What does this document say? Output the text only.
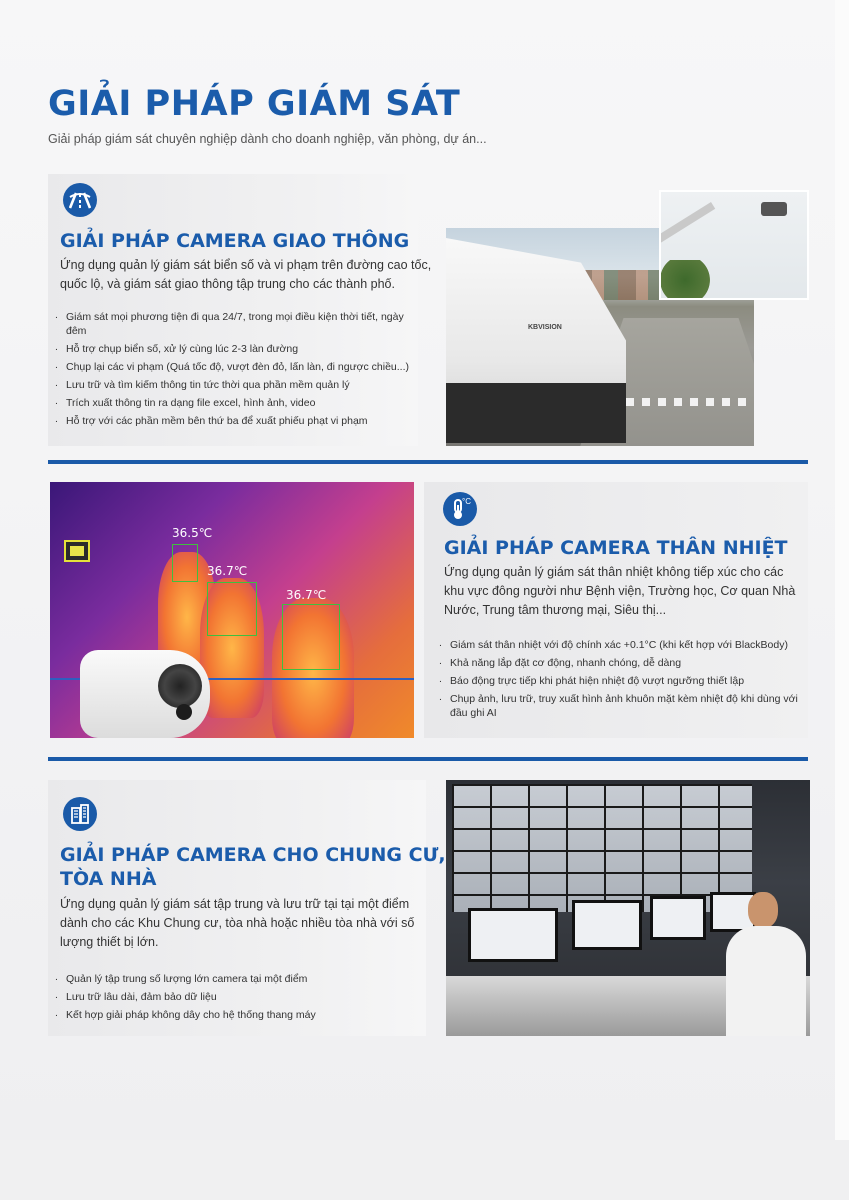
GIẢI PHÁP GIÁM SÁT

Giải pháp giám sát chuyên nghiệp dành cho doanh nghiệp, văn phòng, dự án...

GIẢI PHÁP CAMERA GIAO THÔNG

Ứng dụng quản lý giám sát biển số và vi phạm trên đường cao tốc, quốc lộ, và giám sát giao thông tập trung cho các thành phố.

. Giám sát mọi phương tiện đi qua 24/7, trong mọi điều kiện thời tiết, ngày đêm
. Hỗ trợ chụp biển số, xử lý cùng lúc 2-3 làn đường
. Chụp lại các vi phạm (Quá tốc độ, vượt đèn đỏ, lấn làn, đi ngược chiều...)
. Lưu trữ và tìm kiếm thông tin tức thời qua phần mềm quản lý
. Trích xuất thông tin ra dạng file excel, hình ảnh, video
. Hỗ trợ với các phần mềm bên thứ ba để xuất phiếu phạt vi phạm
KBVISION
36.5℃
36.7℃
36.7℃
°C
GIẢI PHÁP CAMERA THÂN NHIỆT

Ứng dụng quản lý giám sát thân nhiệt không tiếp xúc cho các khu vực đông người như Bệnh viện, Trường học, Cơ quan Nhà Nước, Trung tâm thương mại, Siêu thị...

. Giám sát thân nhiệt với độ chính xác +0.1°C (khi kết hợp với BlackBody)
. Khả năng lắp đặt cơ động, nhanh chóng, dễ dàng
. Báo động trực tiếp khi phát hiện nhiệt độ vượt ngưỡng thiết lập
. Chụp ảnh, lưu trữ, truy xuất hình ảnh khuôn mặt kèm nhiệt độ khi dùng với đầu ghi AI
GIẢI PHÁP CAMERA CHO CHUNG CƯ,
TÒA NHÀ

Ứng dụng quản lý giám sát tập trung và lưu trữ tại tại một điểm dành cho các Khu Chung cư, tòa nhà hoặc nhiều tòa nhà với số lượng thiết bị lớn.

. Quản lý tập trung số lượng lớn camera tại một điểm
. Lưu trữ lâu dài, đảm bảo dữ liệu
. Kết hợp giải pháp không dây cho hệ thống thang máy
